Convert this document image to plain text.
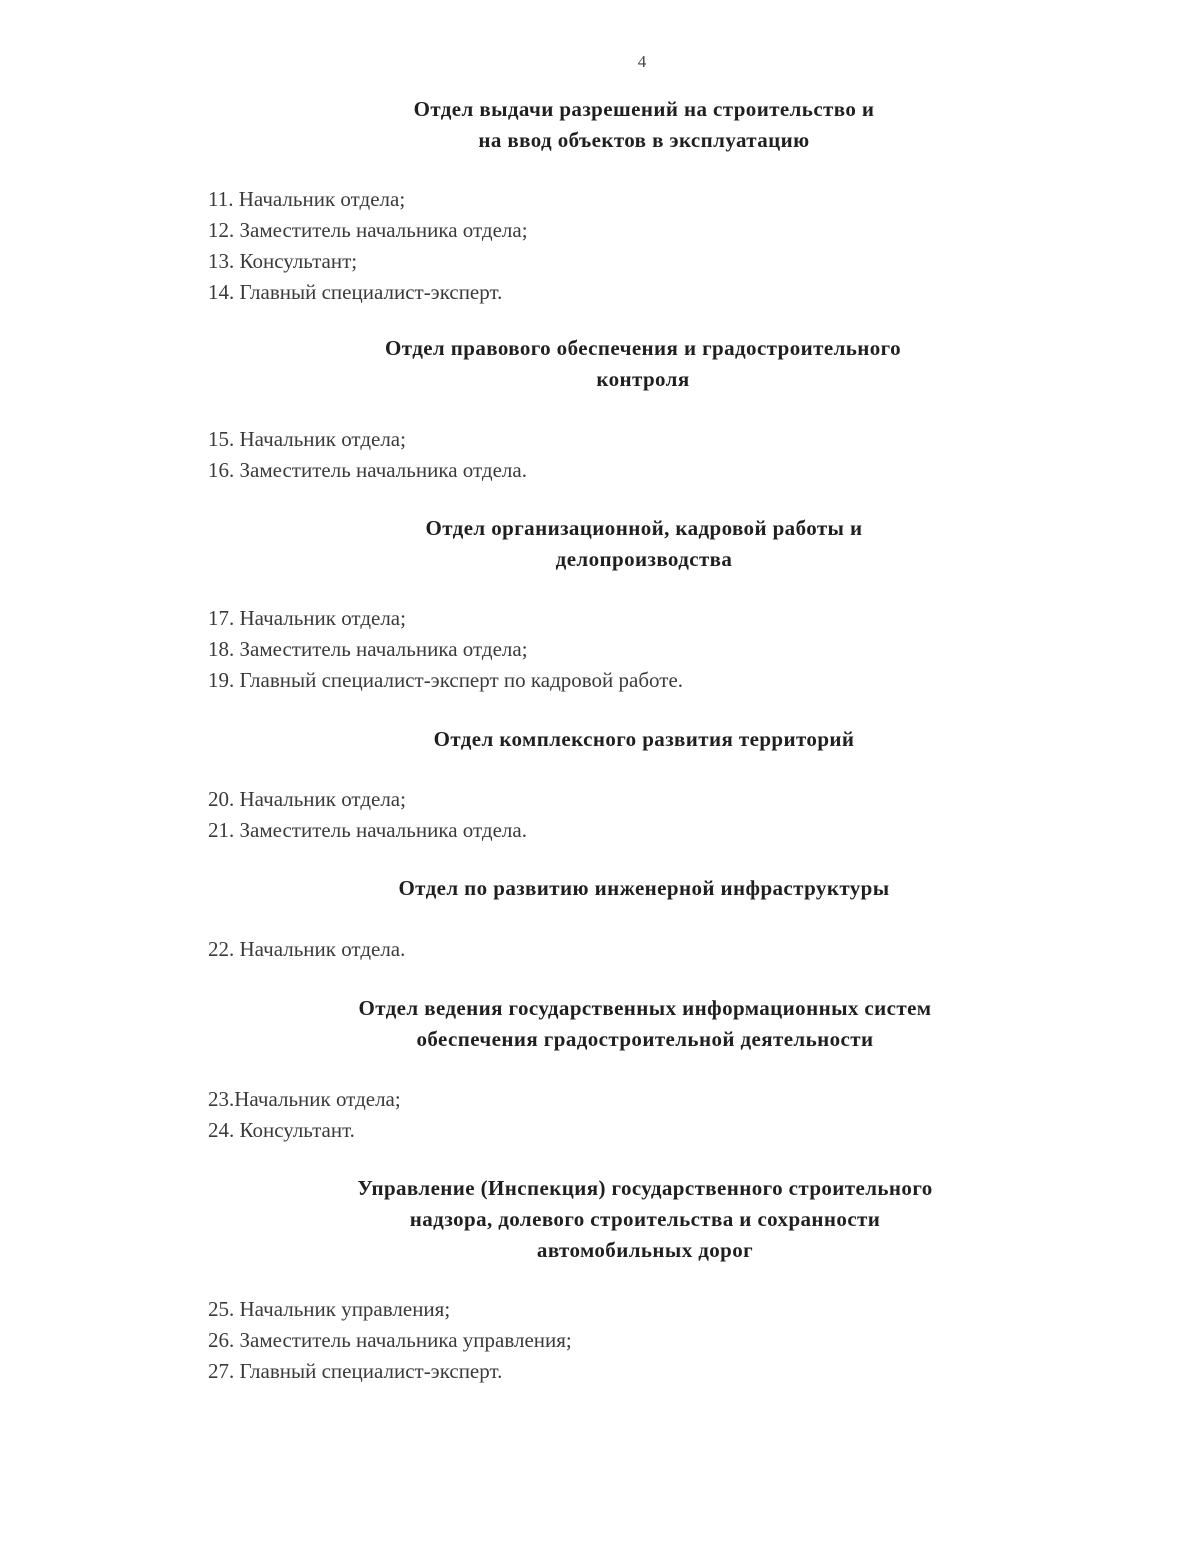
4
Отдел выдачи разрешений на строительство и
на ввод объектов в эксплуатацию
11. Начальник отдела;
12. Заместитель начальника отдела;
13. Консультант;
14. Главный специалист-эксперт.
Отдел правового обеспечения и градостроительного
контроля
15. Начальник отдела;
16. Заместитель начальника отдела.
Отдел организационной, кадровой работы и
делопроизводства
17. Начальник отдела;
18. Заместитель начальника отдела;
19. Главный специалист-эксперт по кадровой работе.
Отдел комплексного развития территорий
20. Начальник отдела;
21. Заместитель начальника отдела.
Отдел по развитию инженерной инфраструктуры
22. Начальник отдела.
Отдел ведения государственных информационных систем
обеспечения градостроительной деятельности
23.Начальник отдела;
24. Консультант.
Управление (Инспекция) государственного строительного
надзора, долевого строительства и сохранности
автомобильных дорог
25. Начальник управления;
26. Заместитель начальника управления;
27. Главный специалист-эксперт.
